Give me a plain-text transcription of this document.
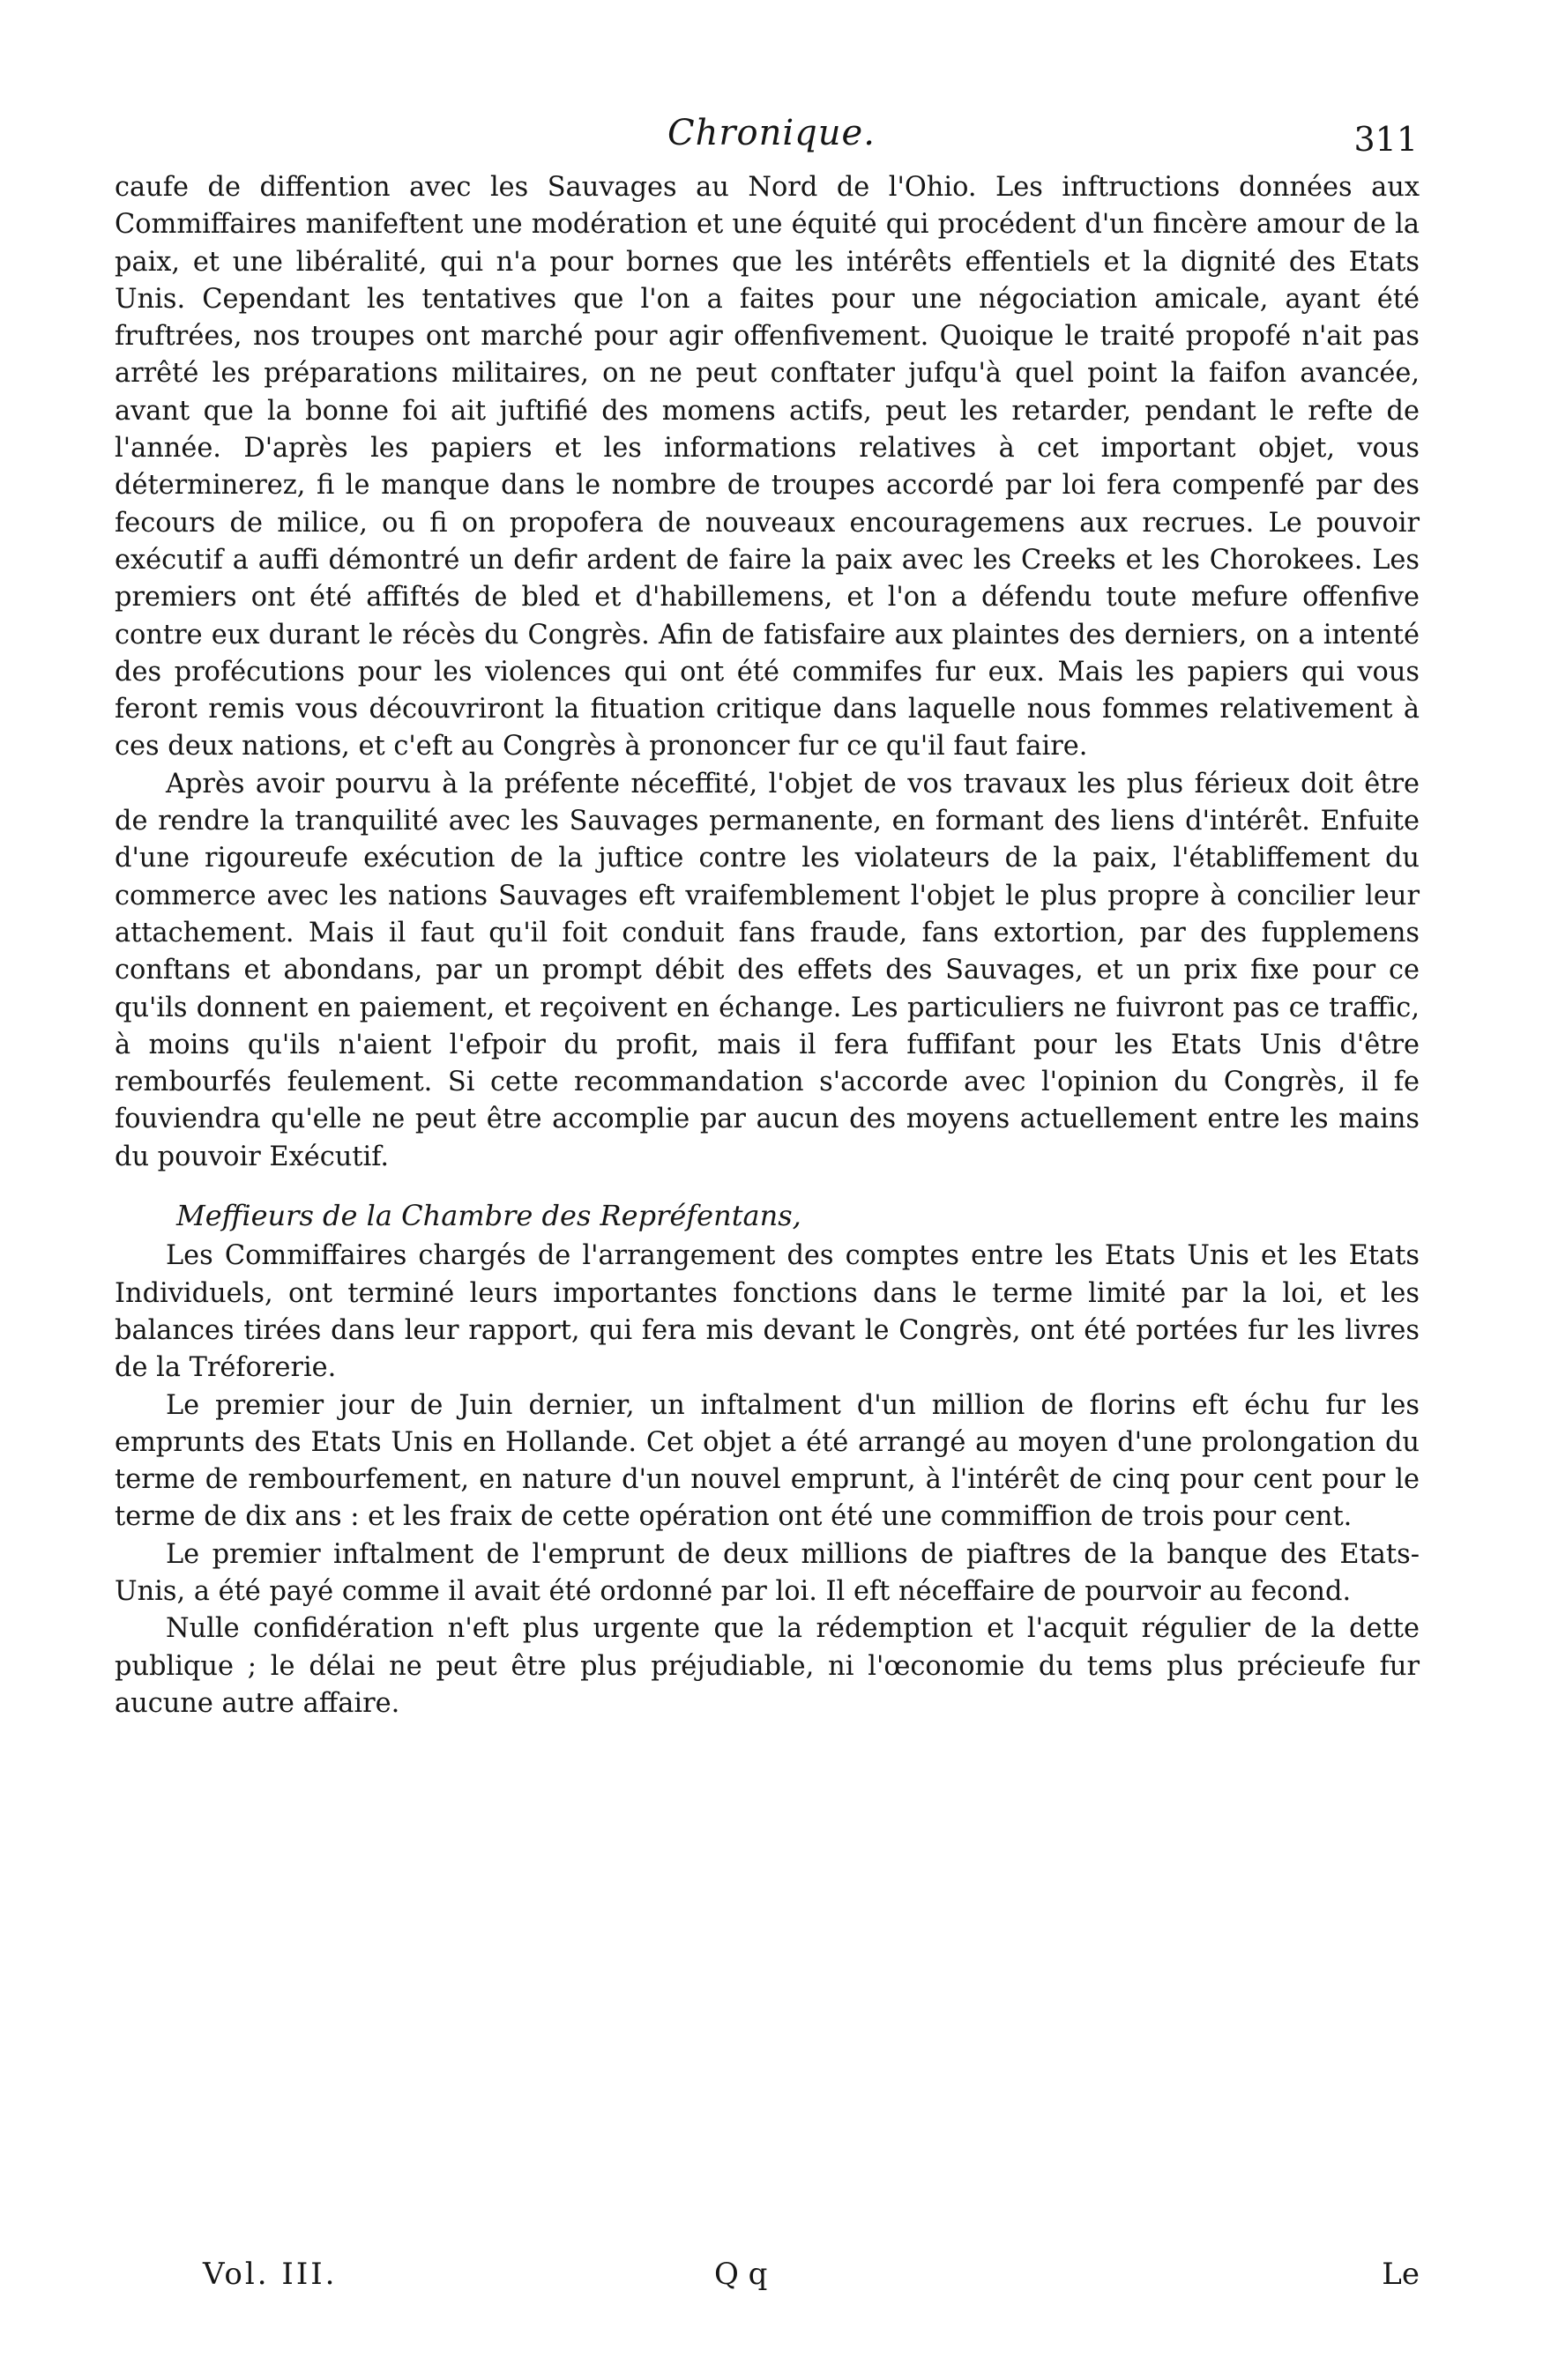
Chronique.	311

caufe de diffention avec les Sauvages au Nord de l'Ohio. Les inftructions données aux Commiffaires manifeftent une modération et une équité qui procédent d'un fincère amour de la paix, et une libéralité, qui n'a pour bornes que les intérêts effentiels et la dignité des Etats Unis. Cependant les tentatives que l'on a faites pour une négociation amicale, ayant été fruftrées, nos troupes ont marché pour agir offenfivement. Quoique le traité propofé n'ait pas arrêté les préparations militaires, on ne peut conftater jufqu'à quel point la faifon avancée, avant que la bonne foi ait juftifié des momens actifs, peut les retarder, pendant le refte de l'année. D'après les papiers et les informations relatives à cet important objet, vous déterminerez, fi le manque dans le nombre de troupes accordé par loi fera compenfé par des fecours de milice, ou fi on propofera de nouveaux encouragemens aux recrues. Le pouvoir exécutif a auffi démontré un defir ardent de faire la paix avec les Creeks et les Chorokees. Les premiers ont été affiftés de bled et d'habillemens, et l'on a défendu toute mefure offenfive contre eux durant le récès du Congrès. Afin de fatisfaire aux plaintes des derniers, on a intenté des profécutions pour les violences qui ont été commifes fur eux. Mais les papiers qui vous feront remis vous découvriront la fituation critique dans laquelle nous fommes relativement à ces deux nations, et c'eft au Congrès à prononcer fur ce qu'il faut faire.

Après avoir pourvu à la préfente néceffité, l'objet de vos travaux les plus férieux doit être de rendre la tranquilité avec les Sauvages permanente, en formant des liens d'intérêt. Enfuite d'une rigoureufe exécution de la juftice contre les violateurs de la paix, l'établiffement du commerce avec les nations Sauvages eft vraifemblement l'objet le plus propre à concilier leur attachement. Mais il faut qu'il foit conduit fans fraude, fans extortion, par des fupplemens conftans et abondans, par un prompt débit des effets des Sauvages, et un prix fixe pour ce qu'ils donnent en paiement, et reçoivent en échange. Les particuliers ne fuivront pas ce traffic, à moins qu'ils n'aient l'efpoir du profit, mais il fera fuffifant pour les Etats Unis d'être rembourfés feulement. Si cette recommandation s'accorde avec l'opinion du Congrès, il fe fouviendra qu'elle ne peut être accomplie par aucun des moyens actuellement entre les mains du pouvoir Exécutif.

Meffieurs de la Chambre des Repréfentans,

Les Commiffaires chargés de l'arrangement des comptes entre les Etats Unis et les Etats Individuels, ont terminé leurs importantes fonctions dans le terme limité par la loi, et les balances tirées dans leur rapport, qui fera mis devant le Congrès, ont été portées fur les livres de la Tréforerie.

Le premier jour de Juin dernier, un inftalment d'un million de florins eft échu fur les emprunts des Etats Unis en Hollande. Cet objet a été arrangé au moyen d'une prolongation du terme de rembourfement, en nature d'un nouvel emprunt, à l'intérêt de cinq pour cent pour le terme de dix ans : et les fraix de cette opération ont été une commiffion de trois pour cent.

Le premier inftalment de l'emprunt de deux millions de piaftres de la banque des Etats-Unis, a été payé comme il avait été ordonné par loi. Il eft néceffaire de pourvoir au fecond.

Nulle confidération n'eft plus urgente que la rédemption et l'acquit régulier de la dette publique ; le délai ne peut être plus préjudiable, ni l'œconomie du tems plus précieufe fur aucune autre affaire.

Vol. III.	Q q	Le
